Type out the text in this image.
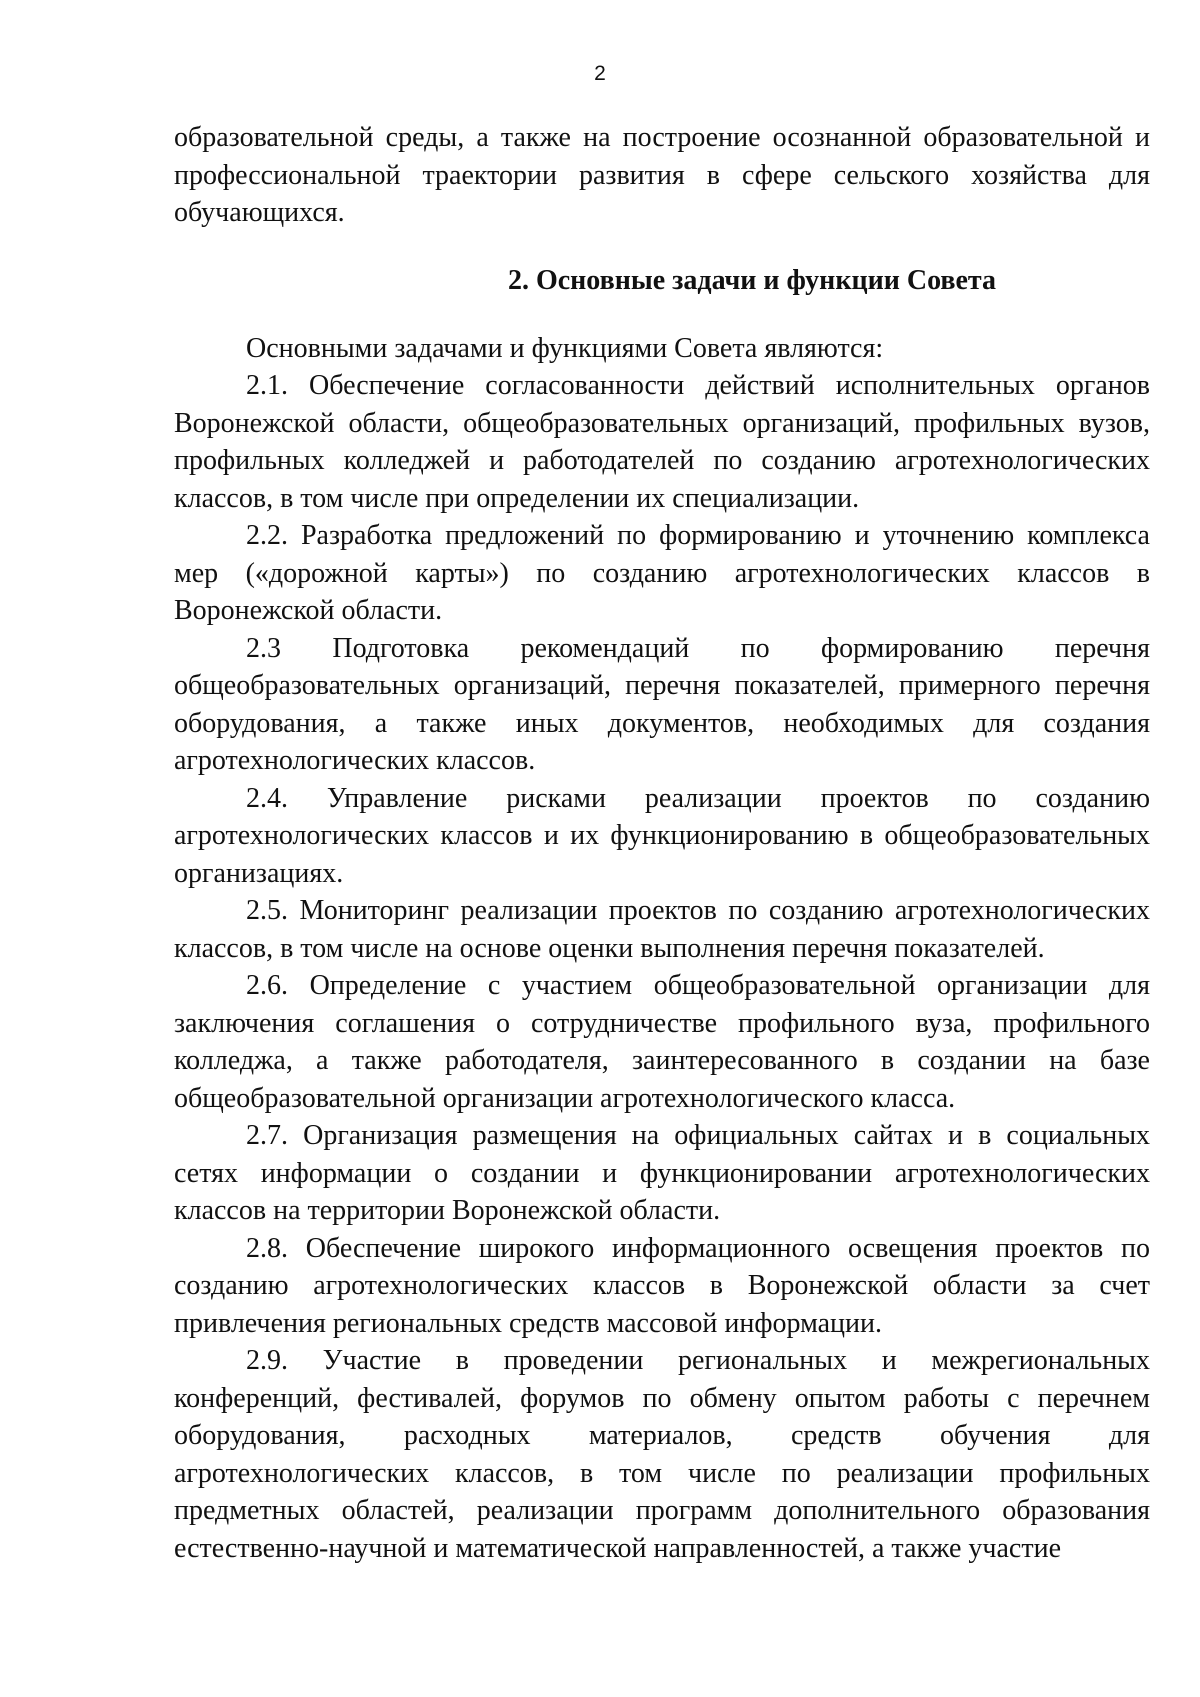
2

образовательной среды, а также на построение осознанной образовательной и профессиональной траектории развития в сфере сельского хозяйства для обучающихся.

2. Основные задачи и функции Совета

Основными задачами и функциями Совета являются:

2.1. Обеспечение согласованности действий исполнительных органов Воронежской области, общеобразовательных организаций, профильных вузов, профильных колледжей и работодателей по созданию агротехнологических классов, в том числе при определении их специализации.

2.2. Разработка предложений по формированию и уточнению комплекса мер («дорожной карты») по созданию агротехнологических классов в Воронежской области.

2.3 Подготовка рекомендаций по формированию перечня общеобразовательных организаций, перечня показателей, примерного перечня оборудования, а также иных документов, необходимых для создания агротехнологических классов.

2.4. Управление рисками реализации проектов по созданию агротехнологических классов и их функционированию в общеобразовательных организациях.

2.5. Мониторинг реализации проектов по созданию агротехнологических классов, в том числе на основе оценки выполнения перечня показателей.

2.6. Определение с участием общеобразовательной организации для заключения соглашения о сотрудничестве профильного вуза, профильного колледжа, а также работодателя, заинтересованного в создании на базе общеобразовательной организации агротехнологического класса.

2.7. Организация размещения на официальных сайтах и в социальных сетях информации о создании и функционировании агротехнологических классов на территории Воронежской области.

2.8. Обеспечение широкого информационного освещения проектов по созданию агротехнологических классов в Воронежской области за счет привлечения региональных средств массовой информации.

2.9. Участие в проведении региональных и межрегиональных конференций, фестивалей, форумов по обмену опытом работы с перечнем оборудования, расходных материалов, средств обучения для агротехнологических классов, в том числе по реализации профильных предметных областей, реализации программ дополнительного образования естественно-научной и математической направленностей, а также участие
